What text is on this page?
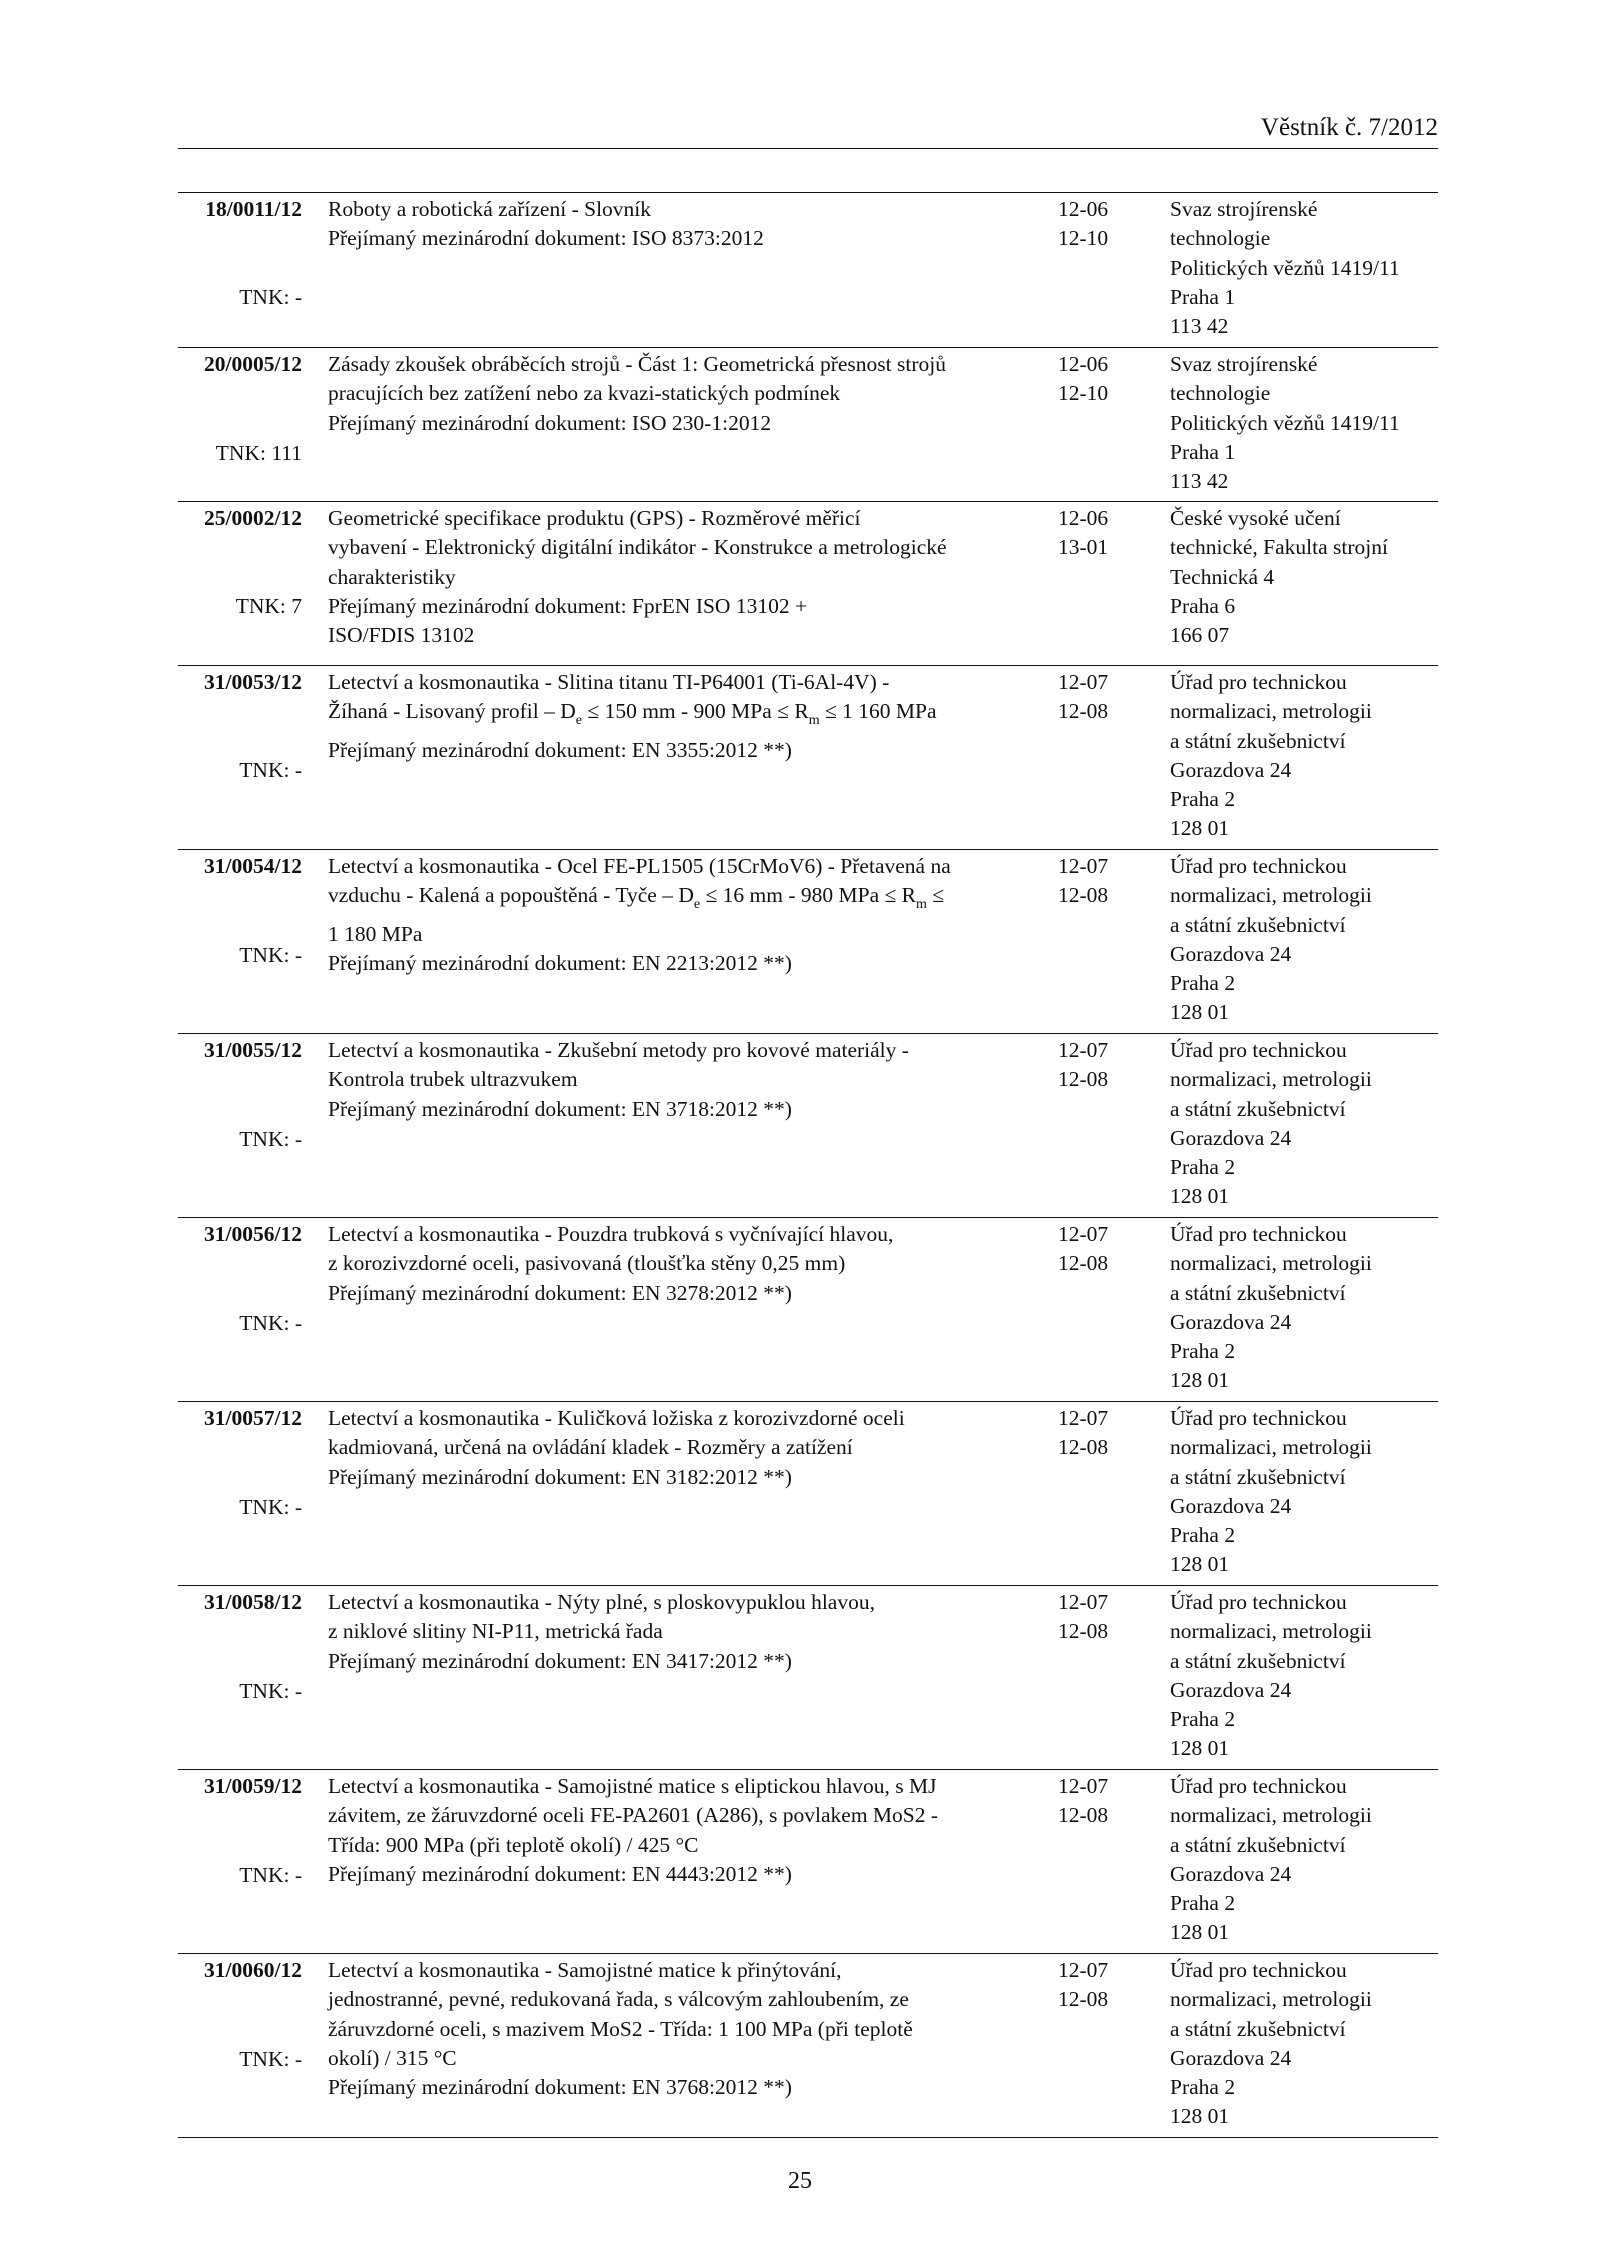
Věstník č. 7/2012
18/0011/12
TNK: -
Roboty a robotická zařízení - Slovník
Přejímaný mezinárodní dokument: ISO 8373:2012
12-06
12-10
Svaz strojírenské
technologie
Politických vězňů 1419/11
Praha 1
113 42
20/0005/12
TNK: 111
Zásady zkoušek obráběcích strojů - Část 1: Geometrická přesnost strojů
pracujících bez zatížení nebo za kvazi-statických podmínek
Přejímaný mezinárodní dokument: ISO 230-1:2012
12-06
12-10
Svaz strojírenské
technologie
Politických vězňů 1419/11
Praha 1
113 42
25/0002/12
TNK: 7
Geometrické specifikace produktu (GPS) - Rozměrové měřicí
vybavení - Elektronický digitální indikátor - Konstrukce a metrologické
charakteristiky
Přejímaný mezinárodní dokument: FprEN ISO 13102 +
ISO/FDIS 13102
12-06
13-01
České vysoké učení
technické, Fakulta strojní
Technická 4
Praha 6
166 07
31/0053/12
TNK: -
Letectví a kosmonautika - Slitina titanu TI-P64001 (Ti-6Al-4V) -
Žíhaná - Lisovaný profil – $D_e \le 150$ mm - 900 MPa ≤ $R_m \le 1$ 160 MPa
Přejímaný mezinárodní dokument: EN 3355:2012 **)
12-07
12-08
Úřad pro technickou
normalizaci, metrologii
a státní zkušebnictví
Gorazdova 24
Praha 2
128 01
31/0054/12
TNK: -
Letectví a kosmonautika - Ocel FE-PL1505 (15CrMoV6) - Přetavená na
vzduchu - Kalená a popouštěná - Tyče – $D_e \le 16$ mm - 980 MPa ≤ $R_m$ ≤
1 180 MPa
Přejímaný mezinárodní dokument: EN 2213:2012 **)
12-07
12-08
Úřad pro technickou
normalizaci, metrologii
a státní zkušebnictví
Gorazdova 24
Praha 2
128 01
31/0055/12
TNK: -
Letectví a kosmonautika - Zkušební metody pro kovové materiály -
Kontrola trubek ultrazvukem
Přejímaný mezinárodní dokument: EN 3718:2012 **)
12-07
12-08
Úřad pro technickou
normalizaci, metrologii
a státní zkušebnictví
Gorazdova 24
Praha 2
128 01
31/0056/12
TNK: -
Letectví a kosmonautika - Pouzdra trubková s vyčnívající hlavou,
z korozivzdorné oceli, pasivovaná (tloušťka stěny 0,25 mm)
Přejímaný mezinárodní dokument: EN 3278:2012 **)
12-07
12-08
Úřad pro technickou
normalizaci, metrologii
a státní zkušebnictví
Gorazdova 24
Praha 2
128 01
31/0057/12
TNK: -
Letectví a kosmonautika - Kuličková ložiska z korozivzdorné oceli
kadmiovaná, určená na ovládání kladek - Rozměry a zatížení
Přejímaný mezinárodní dokument: EN 3182:2012 **)
12-07
12-08
Úřad pro technickou
normalizaci, metrologii
a státní zkušebnictví
Gorazdova 24
Praha 2
128 01
31/0058/12
TNK: -
Letectví a kosmonautika - Nýty plné, s ploskovypuklou hlavou,
z niklové slitiny NI-P11, metrická řada
Přejímaný mezinárodní dokument: EN 3417:2012 **)
12-07
12-08
Úřad pro technickou
normalizaci, metrologii
a státní zkušebnictví
Gorazdova 24
Praha 2
128 01
31/0059/12
TNK: -
Letectví a kosmonautika - Samojistné matice s eliptickou hlavou, s MJ
závitem, ze žáruvzdorné oceli FE-PA2601 (A286), s povlakem MoS2 -
Třída: 900 MPa (při teplotě okolí) / 425 °C
Přejímaný mezinárodní dokument: EN 4443:2012 **)
12-07
12-08
Úřad pro technickou
normalizaci, metrologii
a státní zkušebnictví
Gorazdova 24
Praha 2
128 01
31/0060/12
TNK: -
Letectví a kosmonautika - Samojistné matice k přinýtování,
jednostranné, pevné, redukovaná řada, s válcovým zahloubením, ze
žáruvzdorné oceli, s mazivem MoS2 - Třída: 1 100 MPa (při teplotě
okolí) / 315 °C
Přejímaný mezinárodní dokument: EN 3768:2012 **)
12-07
12-08
Úřad pro technickou
normalizaci, metrologii
a státní zkušebnictví
Gorazdova 24
Praha 2
128 01
25
